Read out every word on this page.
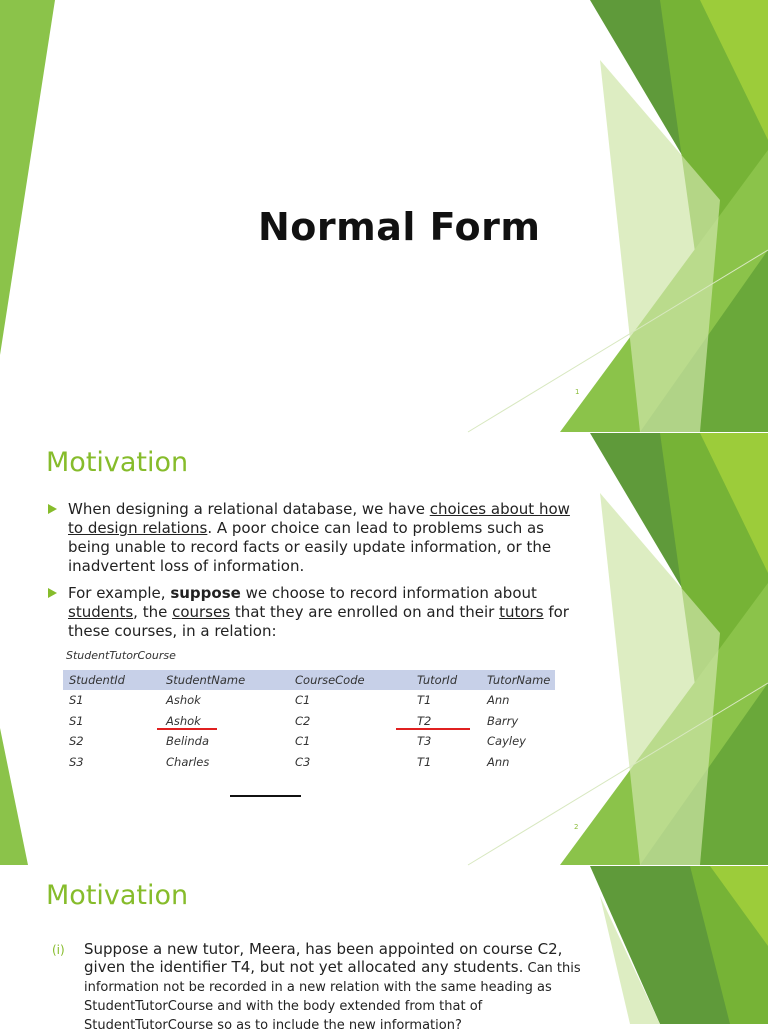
Normal Form
1
Motivation
When designing a relational database, we have choices about how to design relations. A poor choice can lead to problems such as being unable to record facts or easily update information, or the inadvertent loss of information.
For example, suppose we choose to record information about students, the courses that they are enrolled on and their tutors for these courses, in a relation:
StudentTutorCourse
StudentId	StudentName	CourseCode	TutorId	TutorName
S1	Ashok	C1	T1	Ann
S1	Ashok	C2	T2	Barry
S2	Belinda	C1	T3	Cayley
S3	Charles	C3	T1	Ann
2
Motivation
(i) Suppose a new tutor, Meera, has been appointed on course C2, given the identifier T4, but not yet allocated any students. Can this information not be recorded in a new relation with the same heading as StudentTutorCourse and with the body extended from that of StudentTutorCourse so as to include the new information?
